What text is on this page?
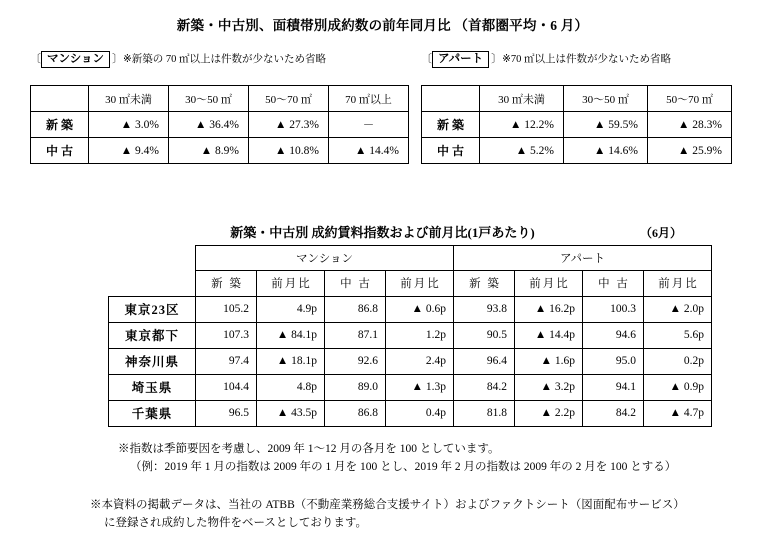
新築・中古別、面積帯別成約数の前年同月比 （首都圏平均・6 月）
〔 マンション 〕※新築の 70 ㎡以上は件数が少ないため省略	〔 アパート 〕※70 ㎡以上は件数が少ないため省略
	30 ㎡未満	30～50 ㎡	50～70 ㎡	70 ㎡以上
新築	▲ 3.0%	▲ 36.4%	▲ 27.3%	－
中古	▲ 9.4%	▲ 8.9%	▲ 10.8%	▲ 14.4%
	30 ㎡未満	30～50 ㎡	50～70 ㎡
新築	▲ 12.2%	▲ 59.5%	▲ 28.3%
中古	▲ 5.2%	▲ 14.6%	▲ 25.9%
新築・中古別 成約賃料指数および前月比(1戸あたり)	（6月）
	マンション				アパート			
	新 築	前月比	中 古	前月比	新 築	前月比	中 古	前月比
東京23区	105.2	4.9p	86.8	▲ 0.6p	93.8	▲ 16.2p	100.3	▲ 2.0p
東京都下	107.3	▲ 84.1p	87.1	1.2p	90.5	▲ 14.4p	94.6	5.6p
神奈川県	97.4	▲ 18.1p	92.6	2.4p	96.4	▲ 1.6p	95.0	0.2p
埼玉県	104.4	4.8p	89.0	▲ 1.3p	84.2	▲ 3.2p	94.1	▲ 0.9p
千葉県	96.5	▲ 43.5p	86.8	0.4p	81.8	▲ 2.2p	84.2	▲ 4.7p
※指数は季節要因を考慮し、2009 年 1～12 月の各月を 100 としています。
（例：2019 年 1 月の指数は 2009 年の 1 月を 100 とし、2019 年 2 月の指数は 2009 年の 2 月を 100 とする）
※本資料の掲載データは、当社の ATBB（不動産業務総合支援サイト）およびファクトシート（図面配布サービス）
に登録され成約した物件をベースとしております。
